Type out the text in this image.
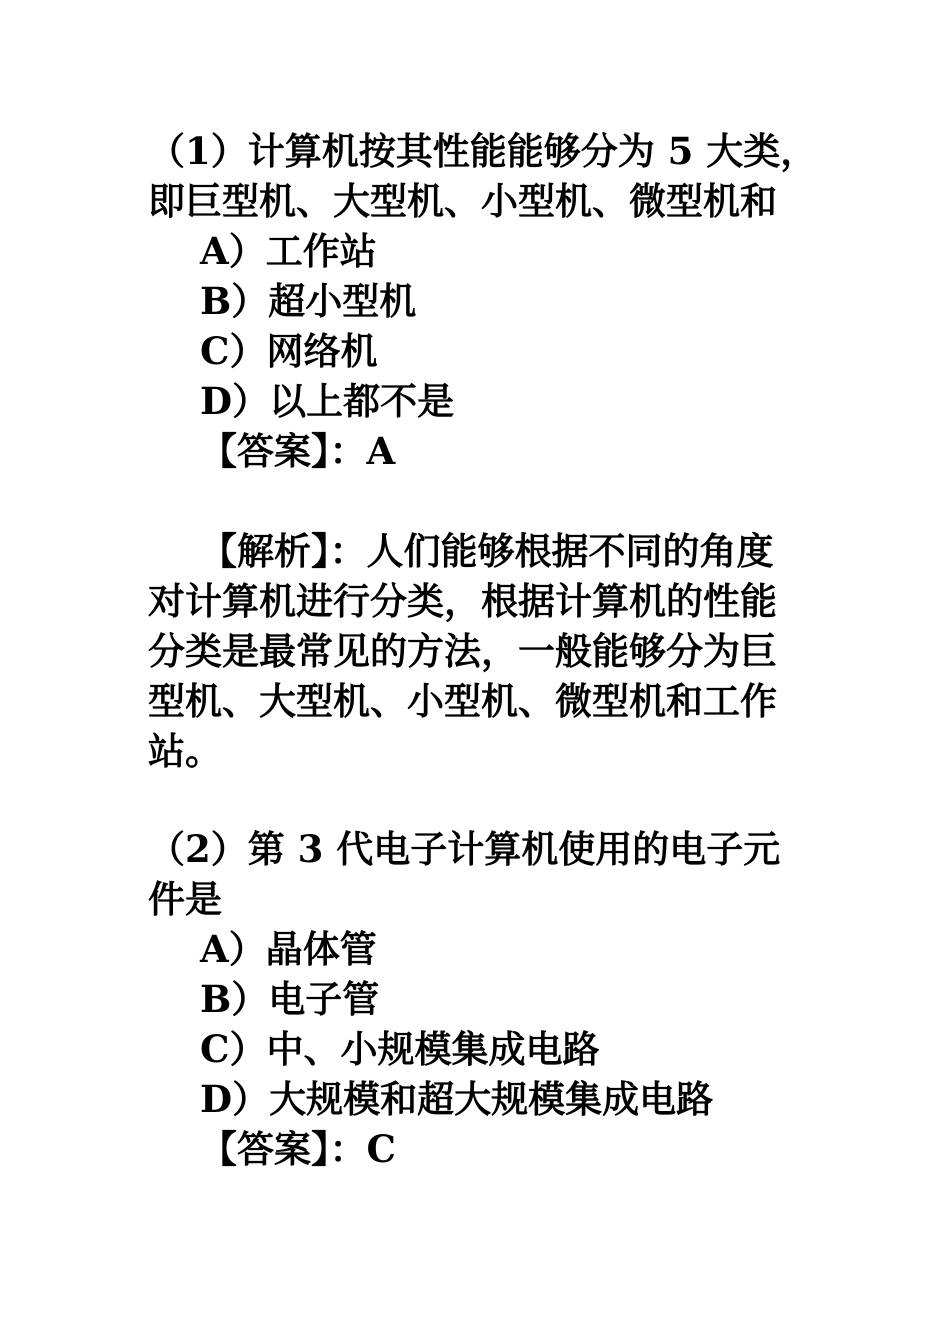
（1）计算机按其性能能够分为 5 大类，
即巨型机、大型机、小型机、微型机和
A）工作站
B）超小型机
C）网络机
D）以上都不是
【答案】：A
【解析】：人们能够根据不同的角度
对计算机进行分类，根据计算机的性能
分类是最常见的方法，一般能够分为巨
型机、大型机、小型机、微型机和工作
站。
（2）第 3 代电子计算机使用的电子元
件是
A）晶体管
B）电子管
C）中、小规模集成电路
D）大规模和超大规模集成电路
【答案】：C
